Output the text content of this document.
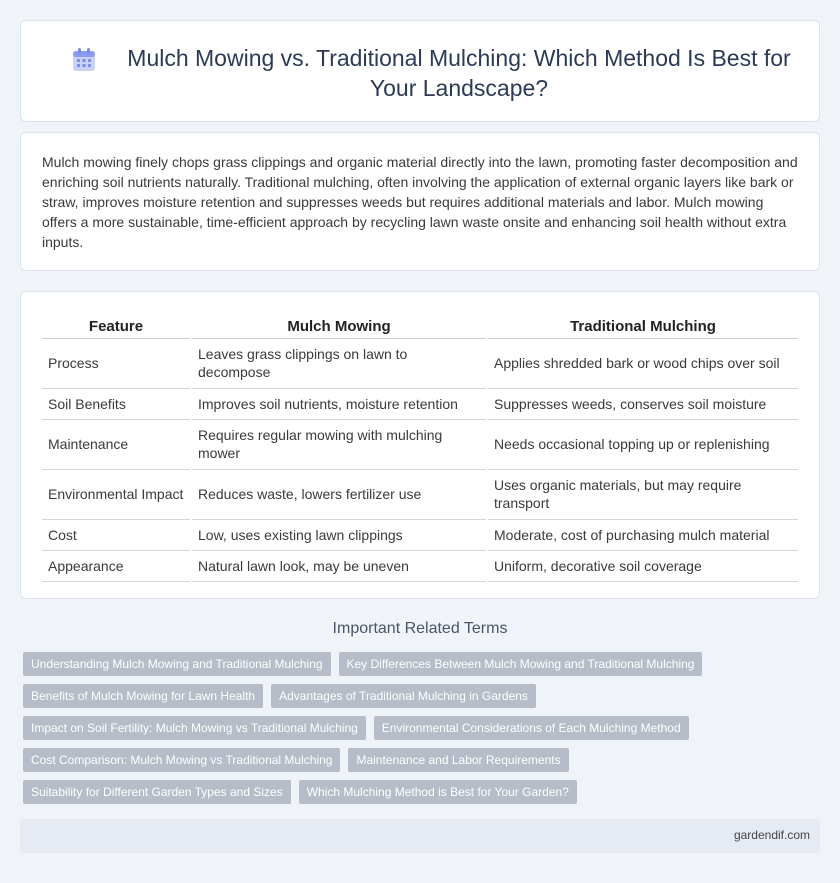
Mulch Mowing vs. Traditional Mulching: Which Method Is Best for Your Landscape?

Mulch mowing finely chops grass clippings and organic material directly into the lawn, promoting faster decomposition and enriching soil nutrients naturally. Traditional mulching, often involving the application of external organic layers like bark or straw, improves moisture retention and suppresses weeds but requires additional materials and labor. Mulch mowing offers a more sustainable, time-efficient approach by recycling lawn waste onsite and enhancing soil health without extra inputs.

Feature	Mulch Mowing	Traditional Mulching
Process	Leaves grass clippings on lawn to decompose	Applies shredded bark or wood chips over soil
Soil Benefits	Improves soil nutrients, moisture retention	Suppresses weeds, conserves soil moisture
Maintenance	Requires regular mowing with mulching mower	Needs occasional topping up or replenishing
Environmental Impact	Reduces waste, lowers fertilizer use	Uses organic materials, but may require transport
Cost	Low, uses existing lawn clippings	Moderate, cost of purchasing mulch material
Appearance	Natural lawn look, may be uneven	Uniform, decorative soil coverage
Important Related Terms
Understanding Mulch Mowing and Traditional Mulching	Key Differences Between Mulch Mowing and Traditional Mulching
Benefits of Mulch Mowing for Lawn Health	Advantages of Traditional Mulching in Gardens
Impact on Soil Fertility: Mulch Mowing vs Traditional Mulching	Environmental Considerations of Each Mulching Method
Cost Comparison: Mulch Mowing vs Traditional Mulching	Maintenance and Labor Requirements
Suitability for Different Garden Types and Sizes	Which Mulching Method is Best for Your Garden?
gardendif.com
